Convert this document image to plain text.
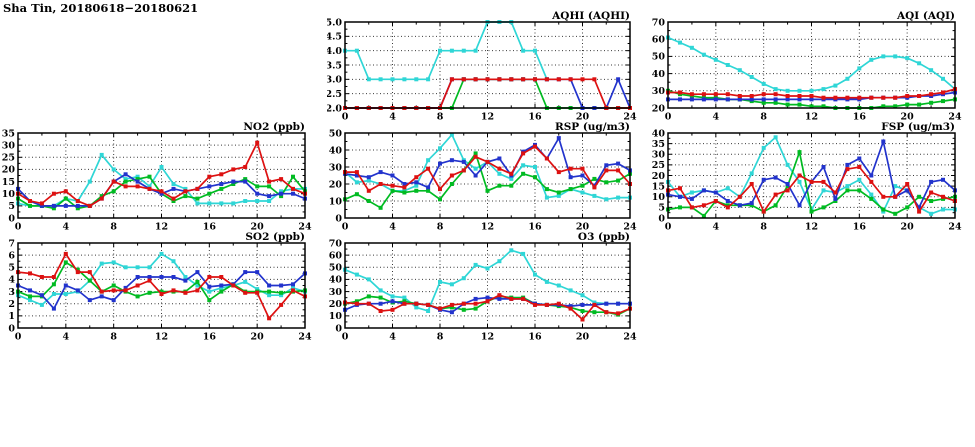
Sha Tin, 20180618−20180621
AQHI (AQHI)
2.0
2.5
3.0
3.5
4.0
4.5
5.0
0	4	8	12	16	20	24
AQI (AQI)
20
30
40
50
60
70
0	4	8	12	16	20	24
NO2 (ppb)
0
5
10
15
20
25
30
35
0	4	8	12	16	20	24
RSP (ug/m3)
0
10
20
30
40
50
0	4	8	12	16	20	24
FSP (ug/m3)
0
5
10
15
20
25
30
35
40
0	4	8	12	16	20	24
SO2 (ppb)
0
1
2
3
4
5
6
7
0	4	8	12	16	20	24
O3 (ppb)
0
10
20
30
40
50
60
70
0	4	8	12	16	20	24
